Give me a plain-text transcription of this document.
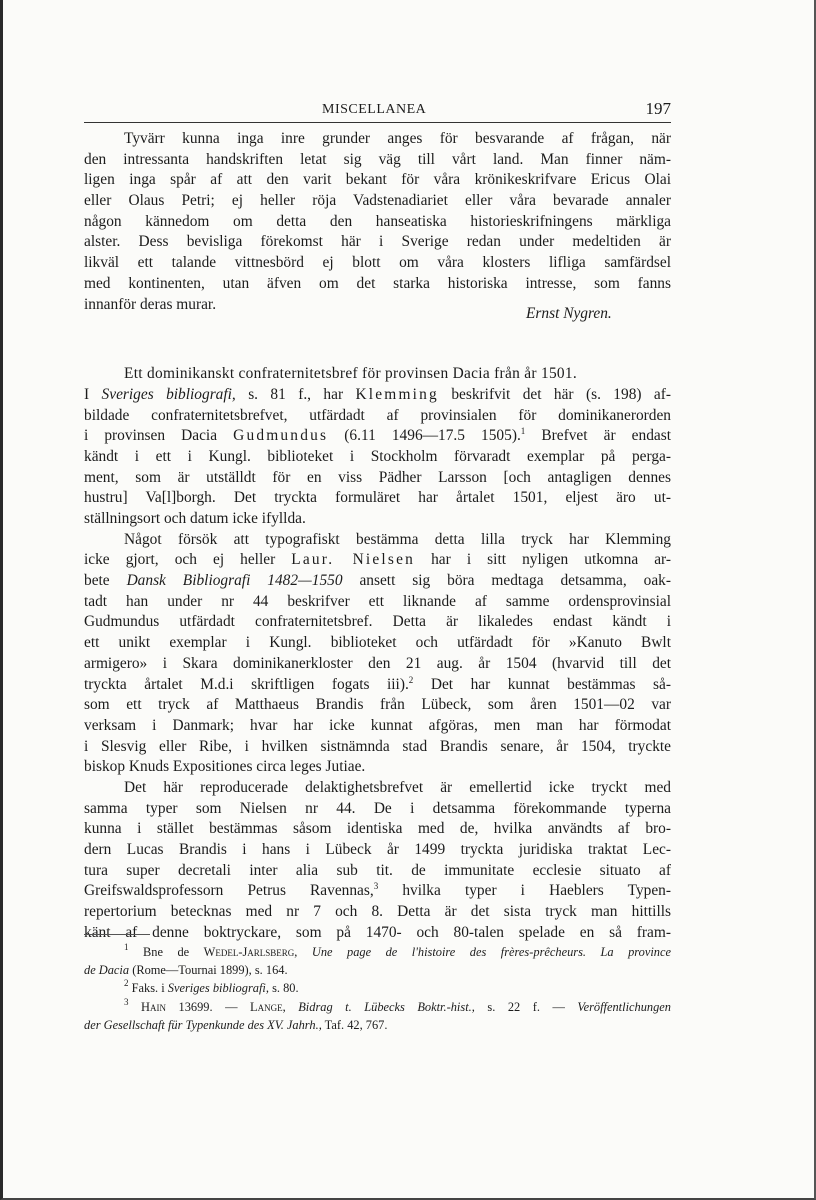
MISCELLANEA	197
Tyvärr kunna inga inre grunder anges för besvarande af frågan, när
den intressanta handskriften letat sig väg till vårt land. Man finner näm-
ligen inga spår af att den varit bekant för våra krönikeskrifvare Ericus Olai
eller Olaus Petri; ej heller röja Vadstenadiariet eller våra bevarade annaler
någon kännedom om detta den hanseatiska historieskrifningens märkliga
alster. Dess bevisliga förekomst här i Sverige redan under medeltiden är
likväl ett talande vittnesbörd ej blott om våra klosters lifliga samfärdsel
med kontinenten, utan äfven om det starka historiska intresse, som fanns
innanför deras murar.
Ernst Nygren.
Ett dominikanskt confraternitetsbref för provinsen Dacia från år 1501.
I Sveriges bibliografi, s. 81 f., har Klemming beskrifvit det här (s. 198) af-
bildade confraternitetsbrefvet, utfärdadt af provinsialen för dominikanerorden
i provinsen Dacia Gudmundus (6.11 1496—17.5 1505).$^1$ Brefvet är endast
kändt i ett i Kungl. biblioteket i Stockholm förvaradt exemplar på perga-
ment, som är utställdt för en viss Pädher Larsson [och antagligen dennes
hustru] Va[l]borgh. Det tryckta formuläret har årtalet 1501, eljest äro ut-
ställningsort och datum icke ifyllda.
Något försök att typografiskt bestämma detta lilla tryck har Klemming
icke gjort, och ej heller Laur. Nielsen har i sitt nyligen utkomna ar-
bete Dansk Bibliografi 1482—1550 ansett sig böra medtaga detsamma, oak-
tadt han under nr 44 beskrifver ett liknande af samme ordensprovinsial
Gudmundus utfärdadt confraternitetsbref. Detta är likaledes endast kändt i
ett unikt exemplar i Kungl. biblioteket och utfärdadt för »Kanuto Bwlt
armigero» i Skara dominikanerkloster den 21 aug. år 1504 (hvarvid till det
tryckta årtalet M.d.i skriftligen fogats iii).$^2$ Det har kunnat bestämmas så-
som ett tryck af Matthaeus Brandis från Lübeck, som åren 1501—02 var
verksam i Danmark; hvar har icke kunnat afgöras, men man har förmodat
i Slesvig eller Ribe, i hvilken sistnämnda stad Brandis senare, år 1504, tryckte
biskop Knuds Expositiones circa leges Jutiae.
Det här reproducerade delaktighetsbrefvet är emellertid icke tryckt med
samma typer som Nielsen nr 44. De i detsamma förekommande typerna
kunna i stället bestämmas såsom identiska med de, hvilka användts af bro-
dern Lucas Brandis i hans i Lübeck år 1499 tryckta juridiska traktat Lec-
tura super decretali inter alia sub tit. de immunitate ecclesie situato af
Greifswaldsprofessorn Petrus Ravennas,$^3$ hvilka typer i Haeblers Typen-
repertorium betecknas med nr 7 och 8. Detta är det sista tryck man hittills
känt af denne boktryckare, som på 1470- och 80-talen spelade en så fram-
$^1$ Bne de Wedel-Jarlsberg, Une page de l'histoire des frères-prêcheurs. La province
de Dacia (Rome—Tournai 1899), s. 164.
$^2$ Faks. i Sveriges bibliografi, s. 80.
$^3$ Hain 13699. — Lange, Bidrag t. Lübecks Boktr.-hist., s. 22 f. — Veröffentlichungen
der Gesellschaft für Typenkunde des XV. Jahrh., Taf. 42, 767.
